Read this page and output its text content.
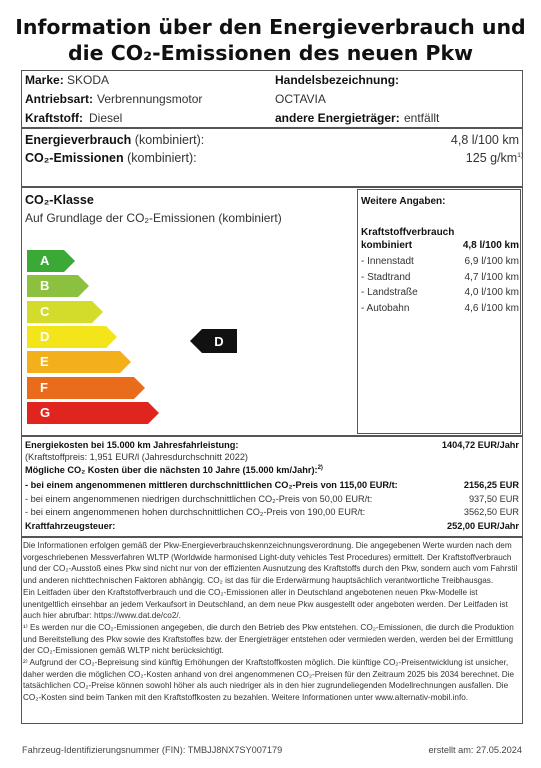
Information über den Energieverbrauch und
die CO₂-Emissionen des neuen Pkw
Marke: SKODA
Antriebsart: Verbrennungsmotor
Kraftstoff: Diesel
Handelsbezeichnung:
OCTAVIA
andere Energieträger: entfällt
Energieverbrauch (kombiniert):	4,8 l/100 km
CO₂-Emissionen (kombiniert):	125 $g/km^{1)}$
CO₂-Klasse
Auf Grundlage der CO₂-Emissionen (kombiniert)
A
B
C
D
E
F
G
D
Weitere Angaben:
Kraftstoffverbrauch
kombiniert	4,8 l/100 km
- Innenstadt	6,9 l/100 km
- Stadtrand	4,7 l/100 km
- Landstraße	4,0 l/100 km
- Autobahn	4,6 l/100 km
Energiekosten bei 15.000 km Jahresfahrleistung:	1404,72 EUR/Jahr
(Kraftstoffpreis: 1,951 EUR/l (Jahresdurchschnitt 2022)
Mögliche CO₂ Kosten über die nächsten 10 Jahre (15.000 km/Jahr):$^{2)}$
- bei einem angenommenen mittleren durchschnittlichen CO₂-Preis von 115,00 EUR/t:	2156,25 EUR
- bei einem angenommenen niedrigen durchschnittlichen CO₂-Preis von 50,00 EUR/t:	937,50 EUR
- bei einem angenommenen hohen durchschnittlichen CO₂-Preis von 190,00 EUR/t:	3562,50 EUR
Kraftfahrzeugsteuer:	252,00 EUR/Jahr

Die Informationen erfolgen gemäß der Pkw-Energieverbrauchskennzeichnungsverordnung. Die angegebenen Werte wurden nach dem vorgeschriebenen Messverfahren WLTP (Worldwide harmonised Light-duty vehicles Test Procedures) ermittelt. Der Kraftstoffverbrauch und der CO₂-Ausstoß eines Pkw sind nicht nur von der effizienten Ausnutzung des Kraftstoffs durch den Pkw, sondern auch vom Fahrstil und anderen nichttechnischen Faktoren abhängig. CO₂ ist das für die Erderwärmung hauptsächlich verantwortliche Treibhausgas.

Ein Leitfaden über den Kraftstoffverbrauch und die CO₂-Emissionen aller in Deutschland angebotenen neuen Pkw-Modelle ist unentgeltlich einsehbar an jedem Verkaufsort in Deutschland, an dem neue Pkw ausgestellt oder angeboten werden. Der Leitfaden ist auch hier abrufbar: https://www.dat.de/co2/.

¹⁾ Es werden nur die CO₂-Emissionen angegeben, die durch den Betrieb des Pkw entstehen. CO₂-Emissionen, die durch die Produktion und Bereitstellung des Pkw sowie des Kraftstoffes bzw. der Energieträger entstehen oder vermieden werden, werden bei der Ermittlung der CO₂-Emissionen gemäß WLTP nicht berücksichtigt.

²⁾ Aufgrund der CO₂-Bepreisung sind künftig Erhöhungen der Kraftstoffkosten möglich. Die künftige CO₂-Preisentwicklung ist unsicher, daher werden die möglichen CO₂-Kosten anhand von drei angenommenen CO₂-Preisen für den Zeitraum 2025 bis 2034 berechnet. Die tatsächlichen CO₂-Preise können sowohl höher als auch niedriger als in den hier zugrundeliegenden Modellrechnungen ausfallen. Die CO₂-Kosten sind beim Tanken mit den Kraftstoffkosten zu bezahlen. Weitere Informationen unter www.alternativ-mobil.info.

Fahrzeug-Identifizierungsnummer (FIN): TMBJJ8NX7SY007179	erstellt am: 27.05.2024
